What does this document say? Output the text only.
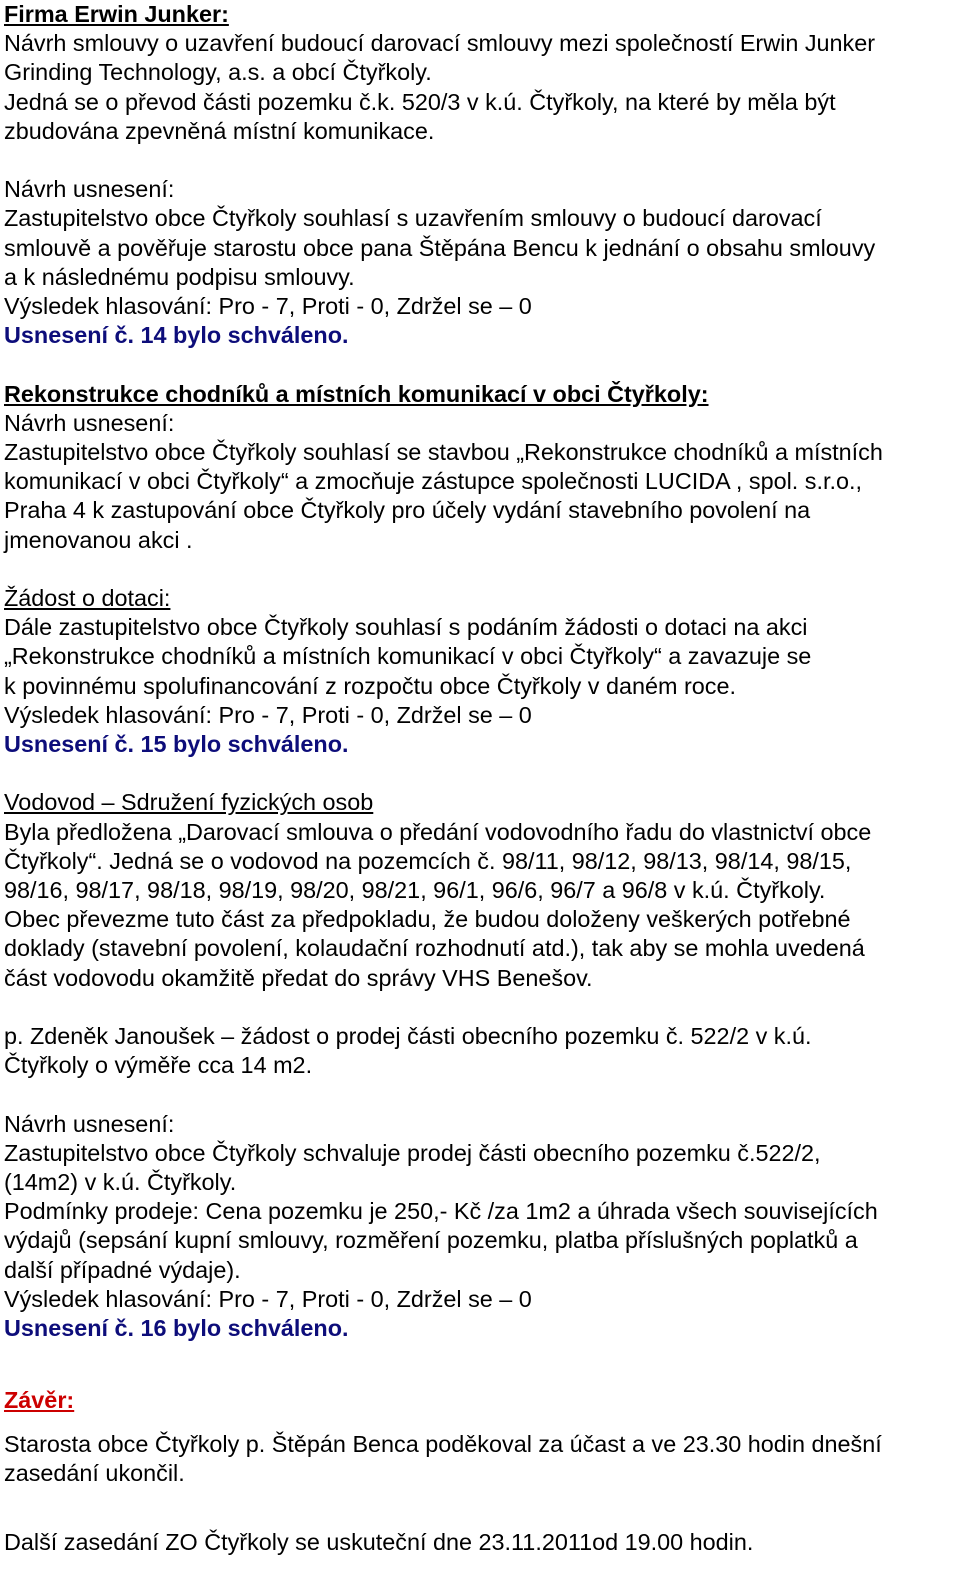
Firma Erwin Junker:
Návrh smlouvy o uzavření budoucí darovací smlouvy mezi společností Erwin Junker
Grinding Technology, a.s. a obcí Čtyřkoly.
Jedná se o převod části pozemku č.k. 520/3 v k.ú. Čtyřkoly, na které by měla být
zbudována zpevněná místní komunikace.
Návrh usnesení:
Zastupitelstvo obce Čtyřkoly souhlasí s uzavřením smlouvy o budoucí darovací
smlouvě a pověřuje starostu obce pana Štěpána Bencu k jednání o obsahu smlouvy
a k následnému podpisu smlouvy.
Výsledek hlasování: Pro - 7, Proti - 0, Zdržel se – 0
Usnesení č. 14 bylo schváleno.
Rekonstrukce chodníků a místních komunikací v obci Čtyřkoly:
Návrh usnesení:
Zastupitelstvo obce Čtyřkoly souhlasí se stavbou „Rekonstrukce chodníků a místních
komunikací v obci Čtyřkoly“ a zmocňuje zástupce společnosti LUCIDA , spol. s.r.o.,
Praha 4 k zastupování obce Čtyřkoly pro účely vydání stavebního povolení na
jmenovanou akci .
Žádost o dotaci:
Dále zastupitelstvo obce Čtyřkoly souhlasí s podáním žádosti o dotaci na akci
„Rekonstrukce chodníků a místních komunikací v obci Čtyřkoly“ a zavazuje se
k povinnému spolufinancování z rozpočtu obce Čtyřkoly v daném roce.
Výsledek hlasování: Pro - 7, Proti - 0, Zdržel se – 0
Usnesení č. 15 bylo schváleno.
Vodovod – Sdružení fyzických osob
Byla předložena „Darovací smlouva o předání vodovodního řadu do vlastnictví obce
Čtyřkoly“. Jedná se o vodovod na pozemcích č. 98/11, 98/12, 98/13, 98/14, 98/15,
98/16, 98/17, 98/18, 98/19, 98/20, 98/21, 96/1, 96/6, 96/7 a 96/8 v k.ú. Čtyřkoly.
Obec převezme tuto část za předpokladu, že budou doloženy veškerých potřebné
doklady (stavební povolení, kolaudační rozhodnutí atd.), tak aby se mohla uvedená
část vodovodu okamžitě předat do správy VHS Benešov.
p. Zdeněk Janoušek – žádost o prodej části obecního pozemku č. 522/2 v k.ú.
Čtyřkoly o výměře cca 14 m2.
Návrh usnesení:
Zastupitelstvo obce Čtyřkoly schvaluje prodej části obecního pozemku č.522/2,
(14m2) v k.ú. Čtyřkoly.
Podmínky prodeje: Cena pozemku je 250,- Kč /za 1m2 a úhrada všech souvisejících
výdajů (sepsání kupní smlouvy, rozměření pozemku, platba příslušných poplatků a
další případné výdaje).
Výsledek hlasování: Pro - 7, Proti - 0, Zdržel se – 0
Usnesení č. 16 bylo schváleno.
Závěr:
Starosta obce Čtyřkoly p. Štěpán Benca poděkoval za účast a ve 23.30 hodin dnešní
zasedání ukončil.
Další zasedání ZO Čtyřkoly se uskuteční dne 23.11.2011od 19.00 hodin.
